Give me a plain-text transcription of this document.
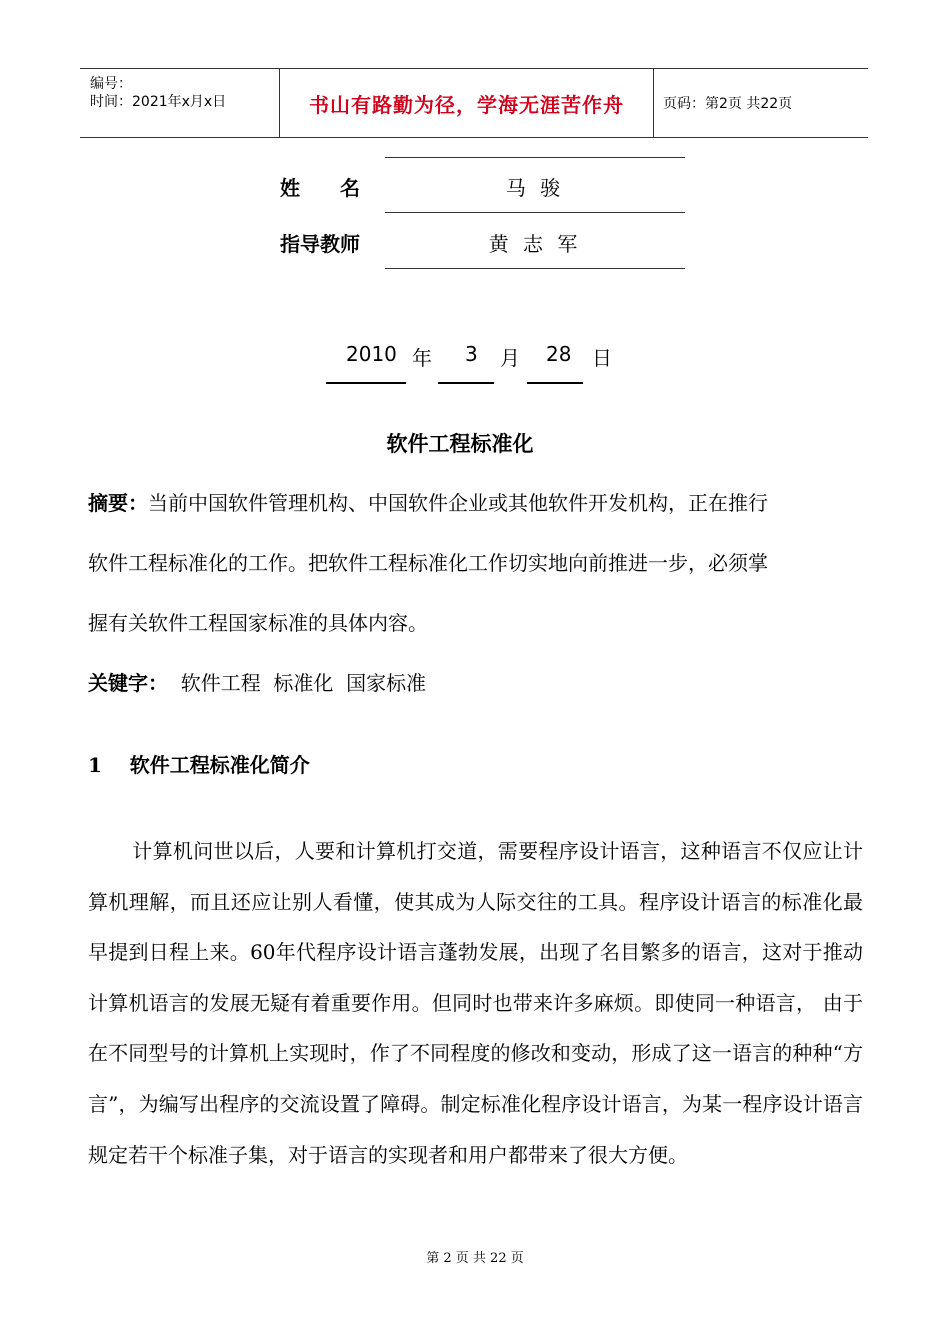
编号：
时间：2021年x月x日	书山有路勤为径，学海无涯苦作舟	页码：第2页 共22页
姓　　名	马 骏
指导教师	黄 志 军
2010 年 3 月 28 日
软件工程标准化
摘要：当前中国软件管理机构、中国软件企业或其他软件开发机构，正在推行
软件工程标准化的工作。把软件工程标准化工作切实地向前推进一步，必须掌
握有关软件工程国家标准的具体内容。
关键字： 软件工程  标准化  国家标准
1 软件工程标准化简介
计算机问世以后，人要和计算机打交道，需要程序设计语言，这种语言不仅应让计算机理解，而且还应让别人看懂，使其成为人际交往的工具。程序设计语言的标准化最早提到日程上来。60年代程序设计语言蓬勃发展，出现了名目繁多的语言，这对于推动计算机语言的发展无疑有着重要作用。但同时也带来许多麻烦。即使同一种语言， 由于在不同型号的计算机上实现时，作了不同程度的修改和变动，形成了这一语言的种种“方言”，为编写出程序的交流设置了障碍。制定标准化程序设计语言，为某一程序设计语言规定若干个标准子集，对于语言的实现者和用户都带来了很大方便。
第 2 页 共 22 页
